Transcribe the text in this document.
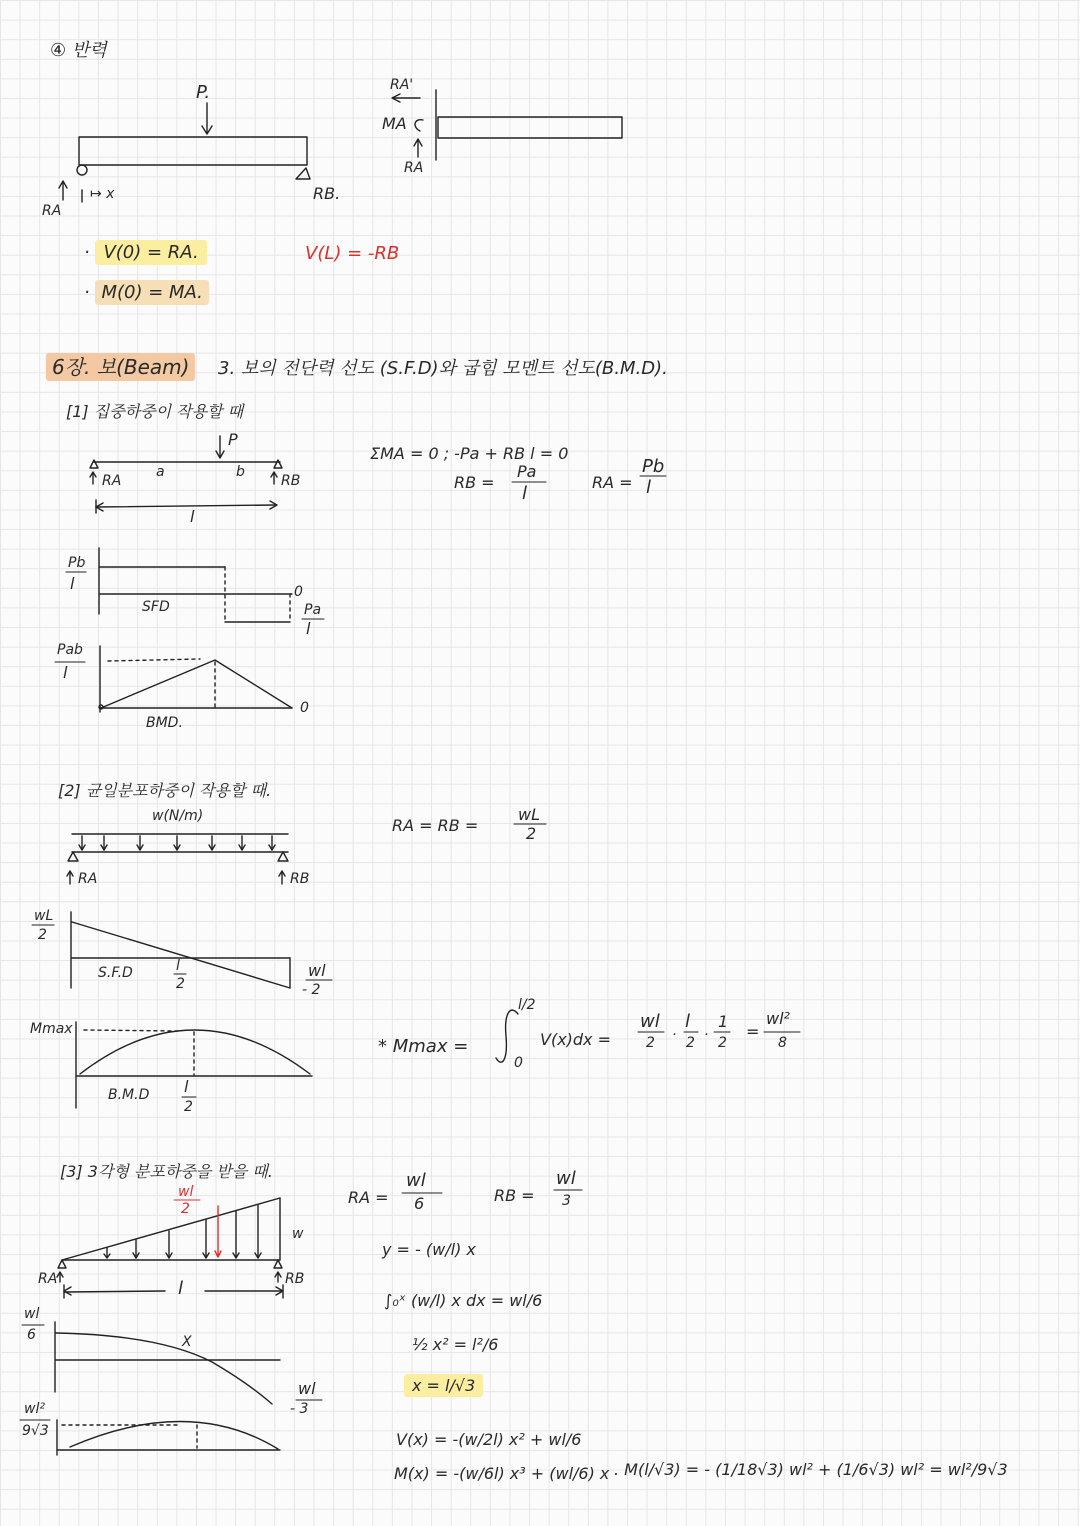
④ 반력
P.
RA
↦ x	RB.
RA'
MA
RA
· V(0) = RA.
· M(0) = MA.
V(L) = -RB
6장. 보(Beam)	3. 보의 전단력 선도 (S.F.D)와 굽힘 모멘트 선도(B.M.D).
[1] 집중하중이 작용할 때
P
RA	RB
a	b
l
Pb
l
SFD
0
Pa
l
Pab
l
0
BMD.
ΣMA = 0 ; -Pa + RB l = 0
RB =
Pa
l
RA =
Pb
l
[2] 균일분포하중이 작용할 때.
w(N/m)
RA	RB
wL
2
S.F.D	l
2
wl
- 2
Mmax
B.M.D l
2
RA = RB =
wL
2
* Mmax =
l/2
0
V(x)dx =
wl
2 ·
l
2 ·
1
2
=
wl²
8
[3] 3각형 분포하중을 받을 때.
wl
2
w
RA	RB
l
wl
6	X
wl
- 3
wl²
9√3
RA =
wl
6	RB =
wl
3
y = - (w/l) x
∫₀ˣ (w/l) x dx = wl/6
½ x² = l²/6
x = l/√3
V(x) = -(w/2l) x² + wl/6
M(x) = -(w/6l) x³ + (wl/6) x . M(l/√3) = - (1/18√3) wl² + (1/6√3) wl² = wl²/9√3
